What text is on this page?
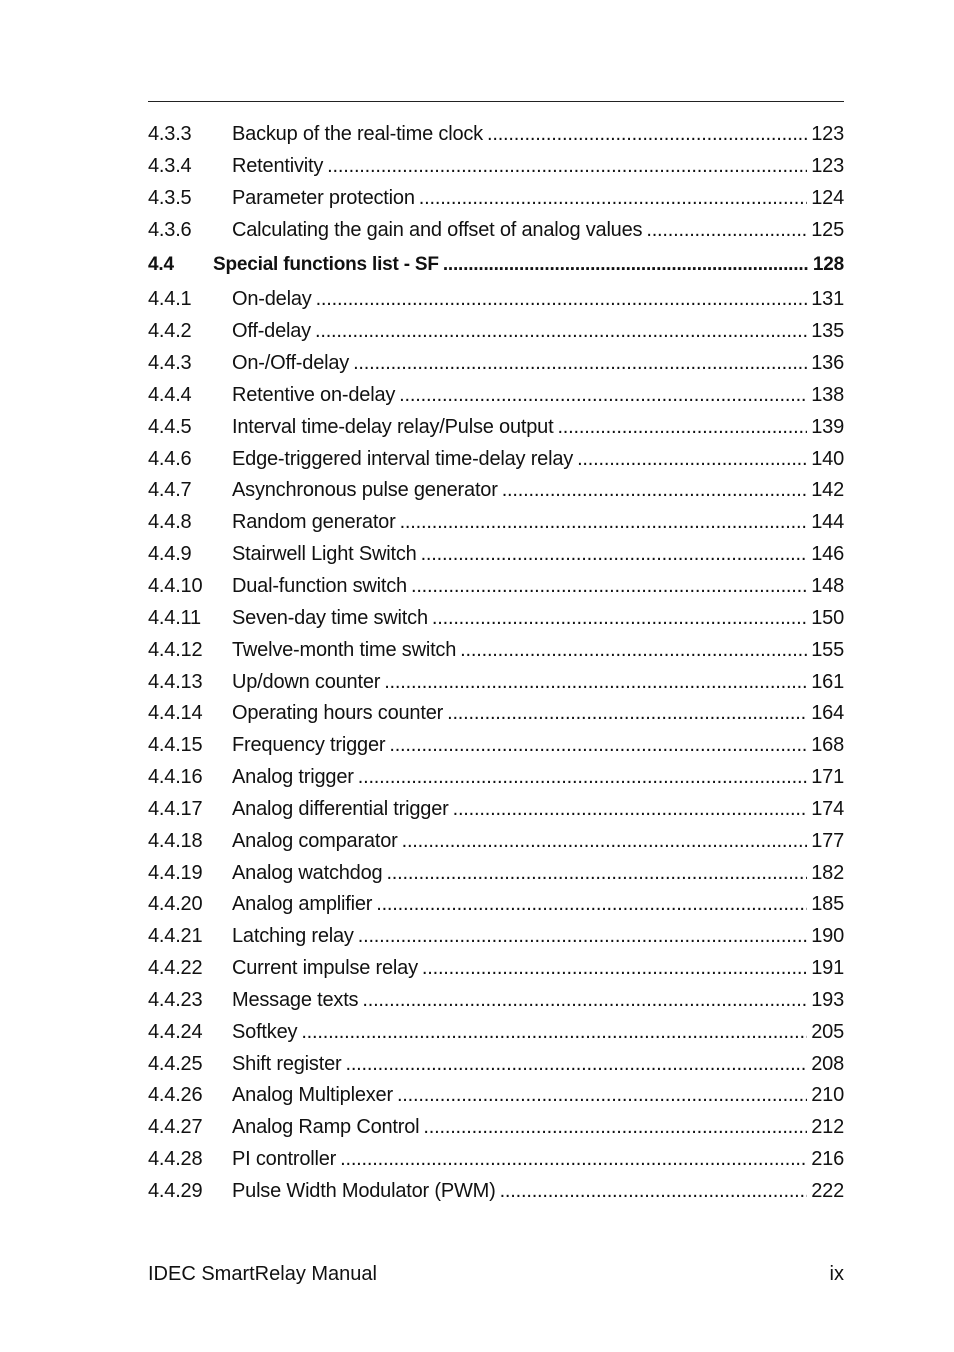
4.3.3	Backup of the real-time clock .....	123
4.3.4	Retentivity .....	123
4.3.5	Parameter protection .....	124
4.3.6	Calculating the gain and offset of analog values .....	125
4.4	Special functions list - SF .....	128
4.4.1	On-delay .....	131
4.4.2	Off-delay .....	135
4.4.3	On-/Off-delay .....	136
4.4.4	Retentive on-delay .....	138
4.4.5	Interval time-delay relay/Pulse output .....	139
4.4.6	Edge-triggered interval time-delay relay .....	140
4.4.7	Asynchronous pulse generator .....	142
4.4.8	Random generator .....	144
4.4.9	Stairwell Light Switch .....	146
4.4.10	Dual-function switch .....	148
4.4.11	Seven-day time switch .....	150
4.4.12	Twelve-month time switch .....	155
4.4.13	Up/down counter .....	161
4.4.14	Operating hours counter .....	164
4.4.15	Frequency trigger .....	168
4.4.16	Analog trigger .....	171
4.4.17	Analog differential trigger .....	174
4.4.18	Analog comparator .....	177
4.4.19	Analog watchdog .....	182
4.4.20	Analog amplifier .....	185
4.4.21	Latching relay .....	190
4.4.22	Current impulse relay .....	191
4.4.23	Message texts .....	193
4.4.24	Softkey .....	205
4.4.25	Shift register .....	208
4.4.26	Analog Multiplexer .....	210
4.4.27	Analog Ramp Control .....	212
4.4.28	PI controller .....	216
4.4.29	Pulse Width Modulator (PWM) .....	222
IDEC SmartRelay Manual	ix
